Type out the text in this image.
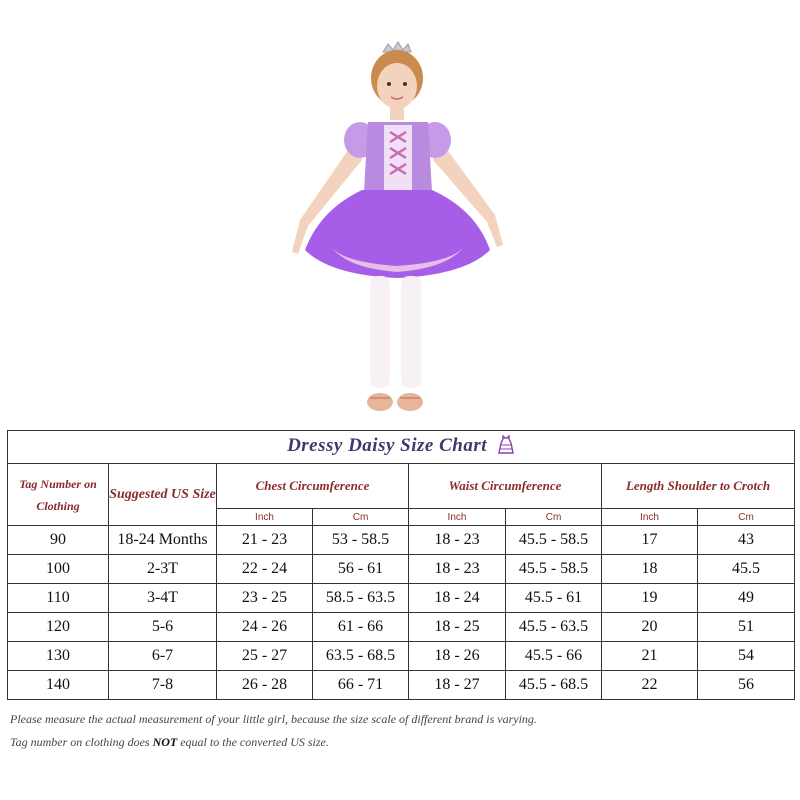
Dressy Daisy Size Chart							
Tag Number on Clothing	Suggested US Size	Chest Circumference		Waist Circumference		Length Shoulder to Crotch	
		Inch	Cm	Inch	Cm	Inch	Cm
90	18-24 Months	21 - 23	53 - 58.5	18 - 23	45.5 - 58.5	17	43
100	2-3T	22 - 24	56 - 61	18 - 23	45.5 - 58.5	18	45.5
110	3-4T	23 - 25	58.5 - 63.5	18 - 24	45.5 - 61	19	49
120	5-6	24 - 26	61 - 66	18 - 25	45.5 - 63.5	20	51
130	6-7	25 - 27	63.5 - 68.5	18 - 26	45.5 - 66	21	54
140	7-8	26 - 28	66 - 71	18 - 27	45.5 - 68.5	22	56
Please measure the actual measurement of your little girl, because the size scale of different brand is varying.
Tag number on clothing does NOT equal to the converted US size.
